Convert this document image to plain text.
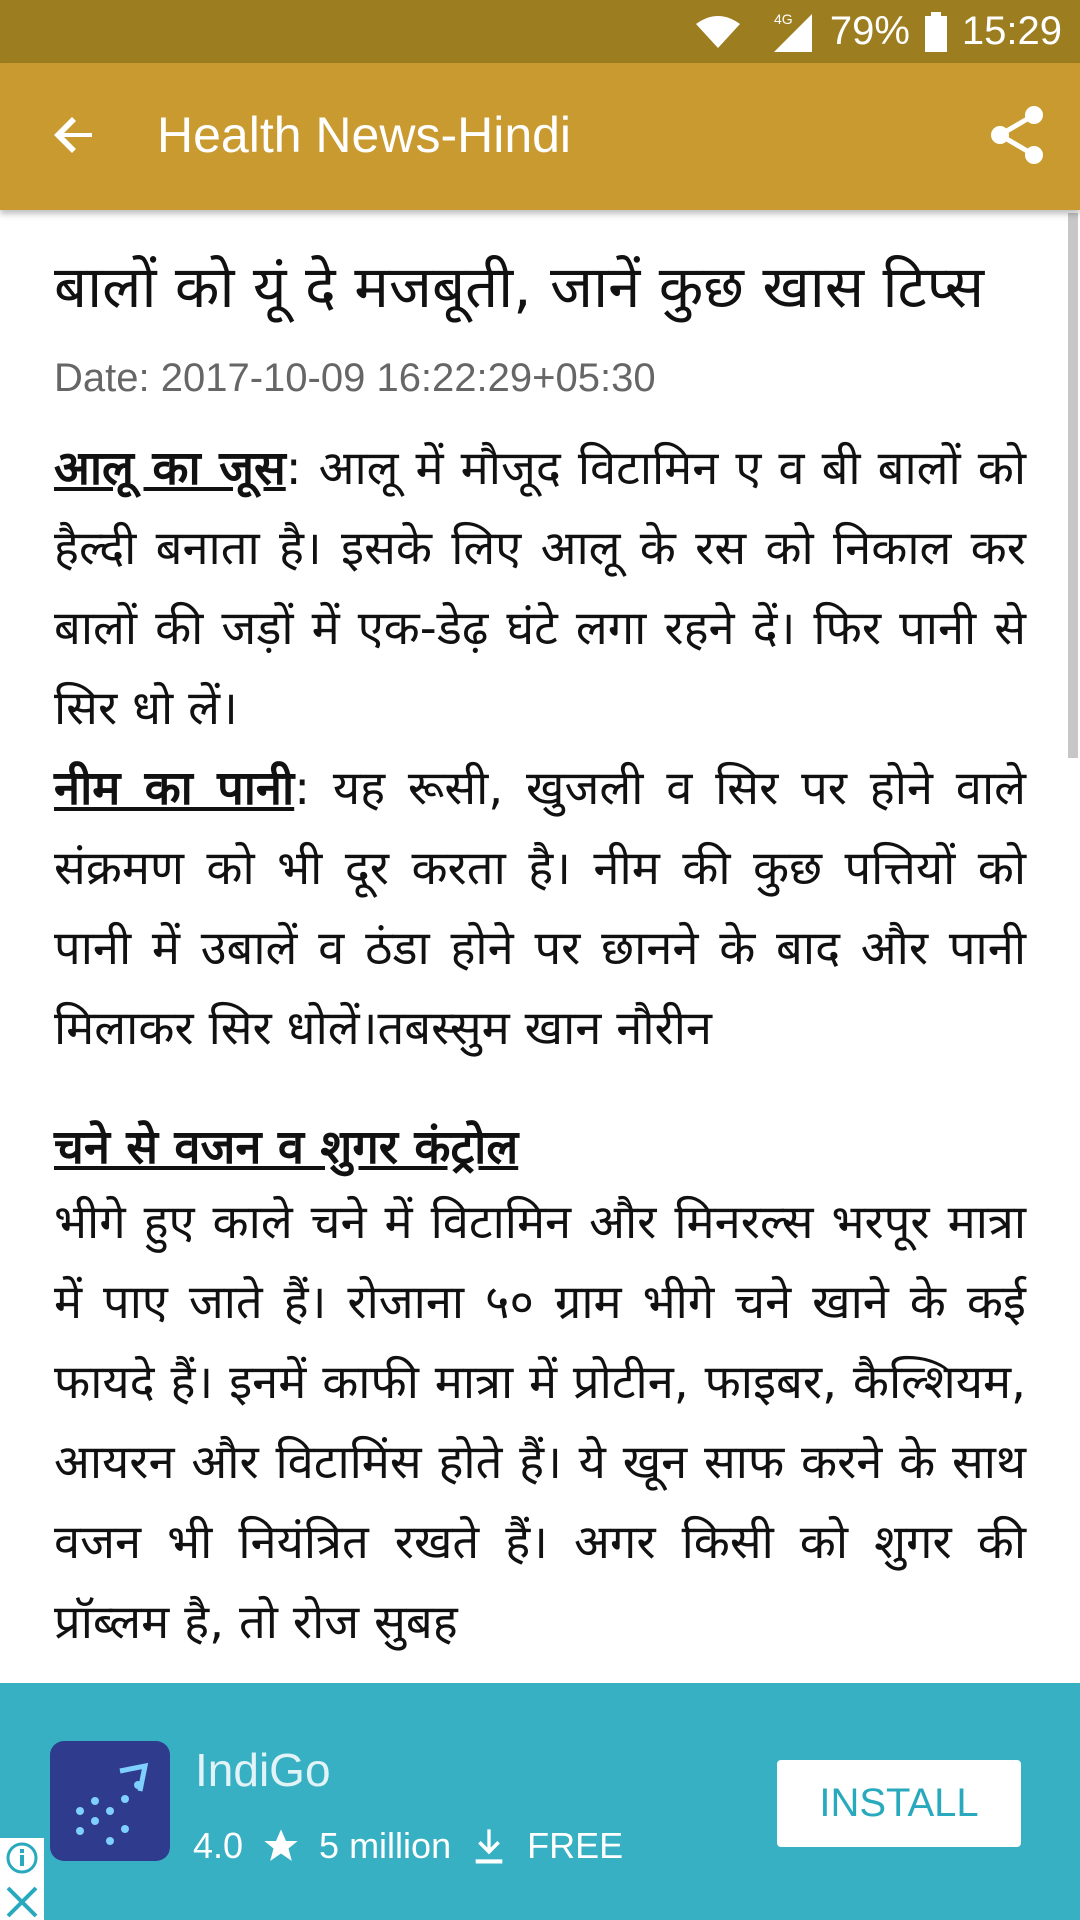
4G 79% 15:29
Health News-Hindi
बालों को यूं दे मजबूती, जानें कुछ खास टिप्स
Date: 2017-10-09 16:22:29+05:30

आलू का जूस: आलू में मौजूद विटामिन ए व बी बालों को हैल्दी बनाता है। इसके लिए आलू के रस को निकाल कर बालों की जड़ों में एक-डेढ़ घंटे लगा रहने दें। फिर पानी से सिर धो लें।

नीम का पानी: यह रूसी, खुजली व सिर पर होने वाले संक्रमण को भी दूर करता है। नीम की कुछ पत्तियों को पानी में उबालें व ठंडा होने पर छानने के बाद और पानी मिलाकर सिर धोलें।तबस्सुम खान नौरीन

चने से वजन व शुगर कंट्रोल

भीगे हुए काले चने में विटामिन और मिनरल्स भरपूर मात्रा में पाए जाते हैं। रोजाना ५० ग्राम भीगे चने खाने के कई फायदे हैं। इनमें काफी मात्रा में प्रोटीन, फाइबर, कैल्शियम, आयरन और विटामिंस होते हैं। ये खून साफ करने के साथ वजन भी नियंत्रित रखते हैं। अगर किसी को शुगर की प्रॉब्लम है, तो रोज सुबह

IndiGo
4.0 5 million FREE
INSTALL
